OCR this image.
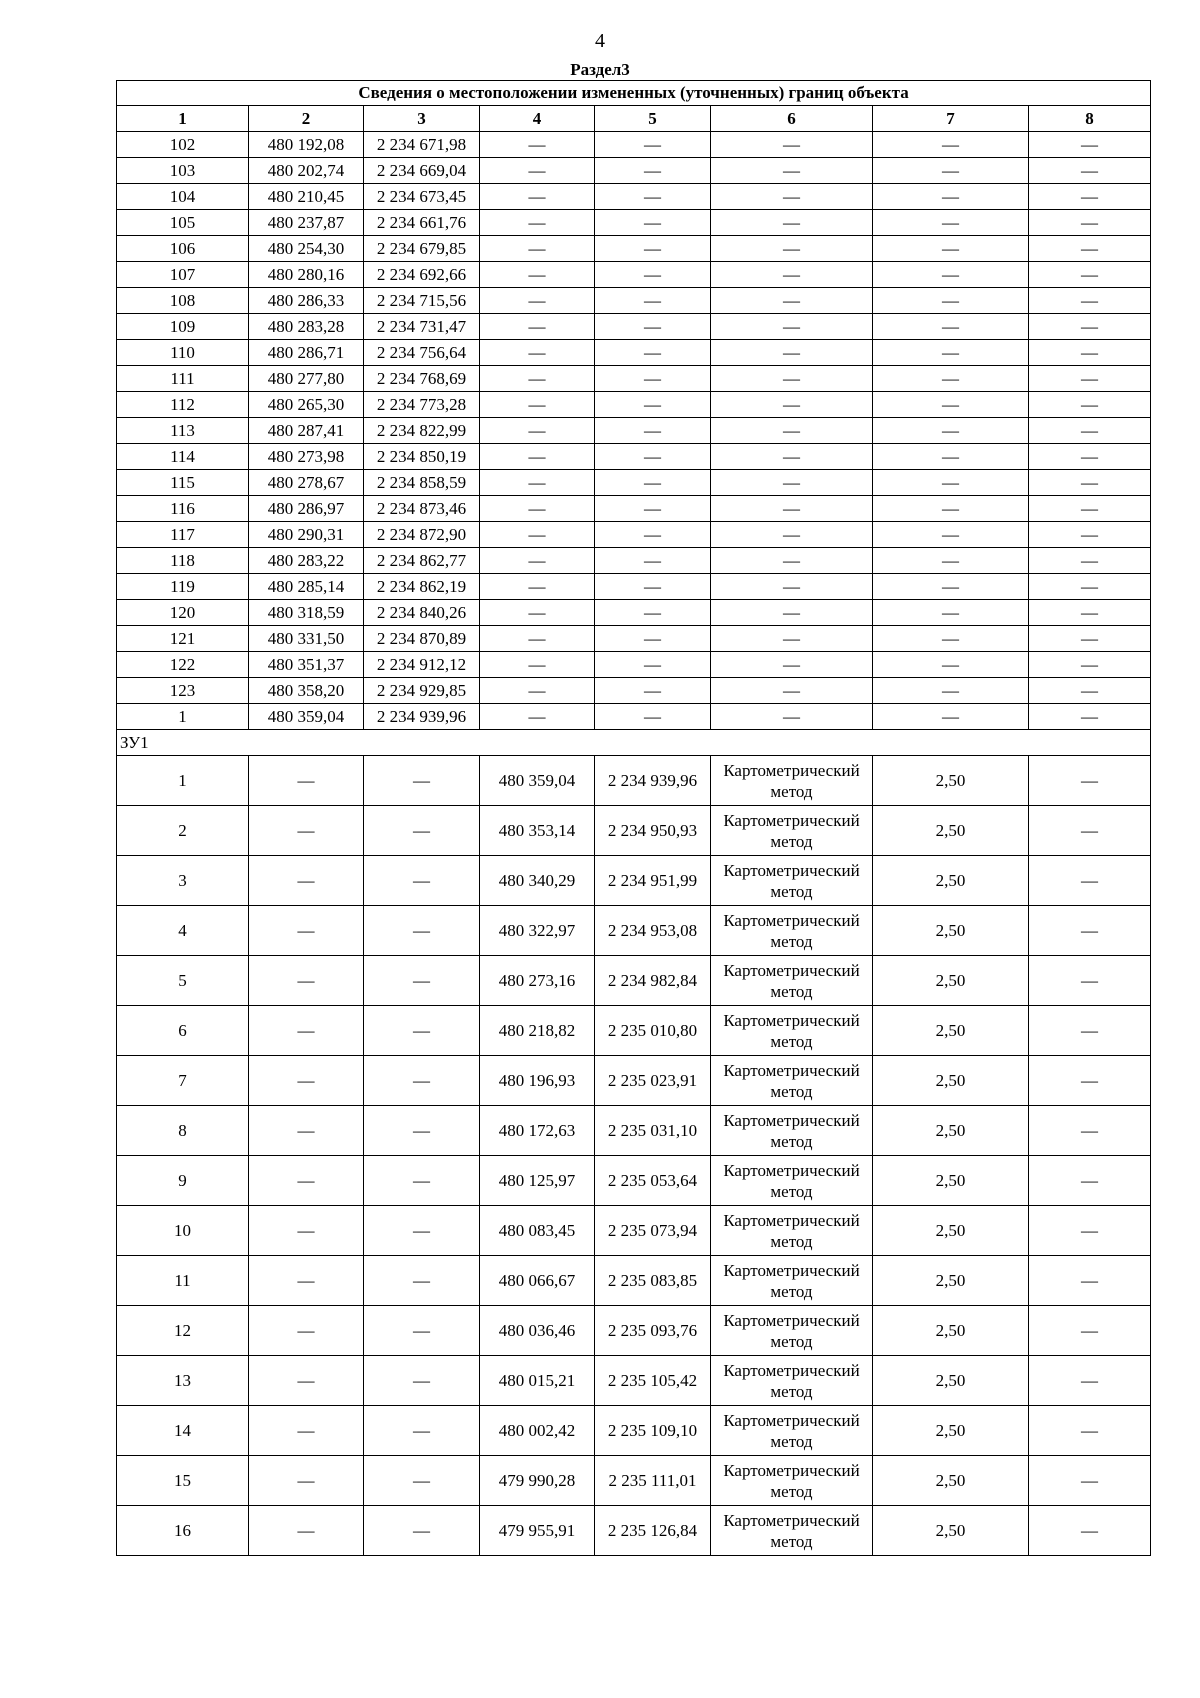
4
Раздел3
Сведения о местоположении измененных (уточненных) границ объекта							
1	2	3	4	5	6	7	8
102	480 192,08	2 234 671,98	—	—	—	—	—
103	480 202,74	2 234 669,04	—	—	—	—	—
104	480 210,45	2 234 673,45	—	—	—	—	—
105	480 237,87	2 234 661,76	—	—	—	—	—
106	480 254,30	2 234 679,85	—	—	—	—	—
107	480 280,16	2 234 692,66	—	—	—	—	—
108	480 286,33	2 234 715,56	—	—	—	—	—
109	480 283,28	2 234 731,47	—	—	—	—	—
110	480 286,71	2 234 756,64	—	—	—	—	—
111	480 277,80	2 234 768,69	—	—	—	—	—
112	480 265,30	2 234 773,28	—	—	—	—	—
113	480 287,41	2 234 822,99	—	—	—	—	—
114	480 273,98	2 234 850,19	—	—	—	—	—
115	480 278,67	2 234 858,59	—	—	—	—	—
116	480 286,97	2 234 873,46	—	—	—	—	—
117	480 290,31	2 234 872,90	—	—	—	—	—
118	480 283,22	2 234 862,77	—	—	—	—	—
119	480 285,14	2 234 862,19	—	—	—	—	—
120	480 318,59	2 234 840,26	—	—	—	—	—
121	480 331,50	2 234 870,89	—	—	—	—	—
122	480 351,37	2 234 912,12	—	—	—	—	—
123	480 358,20	2 234 929,85	—	—	—	—	—
1	480 359,04	2 234 939,96	—	—	—	—	—
ЗУ1							
1	—	—	480 359,04	2 234 939,96	Картометрический метод	2,50	—
2	—	—	480 353,14	2 234 950,93	Картометрический метод	2,50	—
3	—	—	480 340,29	2 234 951,99	Картометрический метод	2,50	—
4	—	—	480 322,97	2 234 953,08	Картометрический метод	2,50	—
5	—	—	480 273,16	2 234 982,84	Картометрический метод	2,50	—
6	—	—	480 218,82	2 235 010,80	Картометрический метод	2,50	—
7	—	—	480 196,93	2 235 023,91	Картометрический метод	2,50	—
8	—	—	480 172,63	2 235 031,10	Картометрический метод	2,50	—
9	—	—	480 125,97	2 235 053,64	Картометрический метод	2,50	—
10	—	—	480 083,45	2 235 073,94	Картометрический метод	2,50	—
11	—	—	480 066,67	2 235 083,85	Картометрический метод	2,50	—
12	—	—	480 036,46	2 235 093,76	Картометрический метод	2,50	—
13	—	—	480 015,21	2 235 105,42	Картометрический метод	2,50	—
14	—	—	480 002,42	2 235 109,10	Картометрический метод	2,50	—
15	—	—	479 990,28	2 235 111,01	Картометрический метод	2,50	—
16	—	—	479 955,91	2 235 126,84	Картометрический метод	2,50	—
